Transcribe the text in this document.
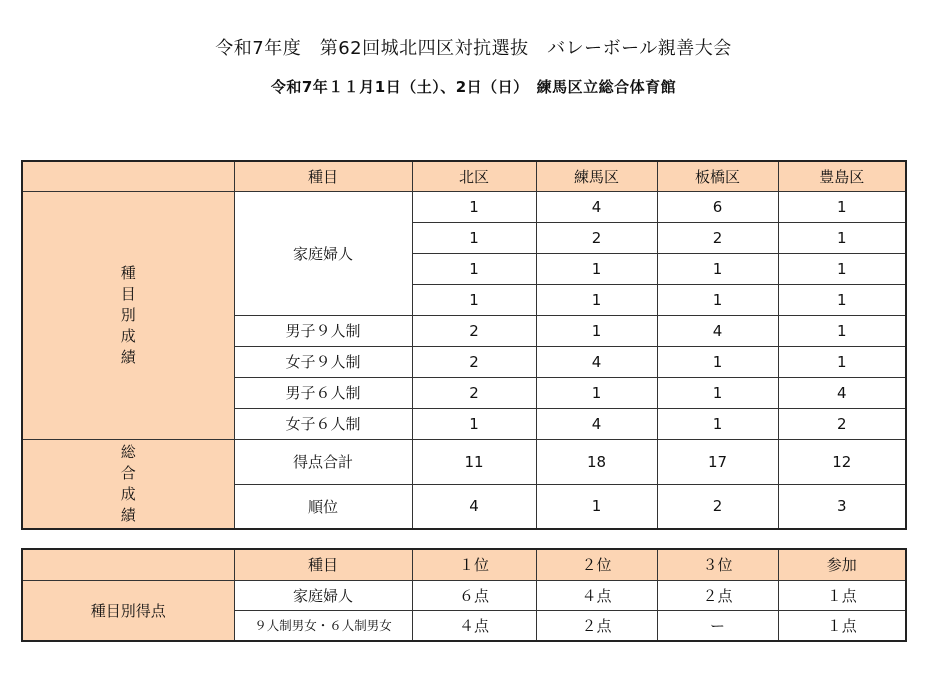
令和7年度　第62回城北四区対抗選抜　バレーボール親善大会
令和7年１１月1日（土）、2日（日）　練馬区立総合体育館
	種目	北区	練馬区	板橋区	豊島区

種
目
別
成
績	家庭婦人	1	4	6	1
		1	2	2	1
		1	1	1	1
		1	1	1	1
	男子９人制	2	1	4	1
	女子９人制	2	4	1	1
	男子６人制	2	1	1	4
	女子６人制	1	4	1	2

総
合
成
績	得点合計	11	18	17	12
	順位	4	1	2	3
	種目	１位	２位	３位	参加
種目別得点	家庭婦人	６点	４点	２点	１点
	９人制男女・６人制男女	４点	２点	ー	１点
